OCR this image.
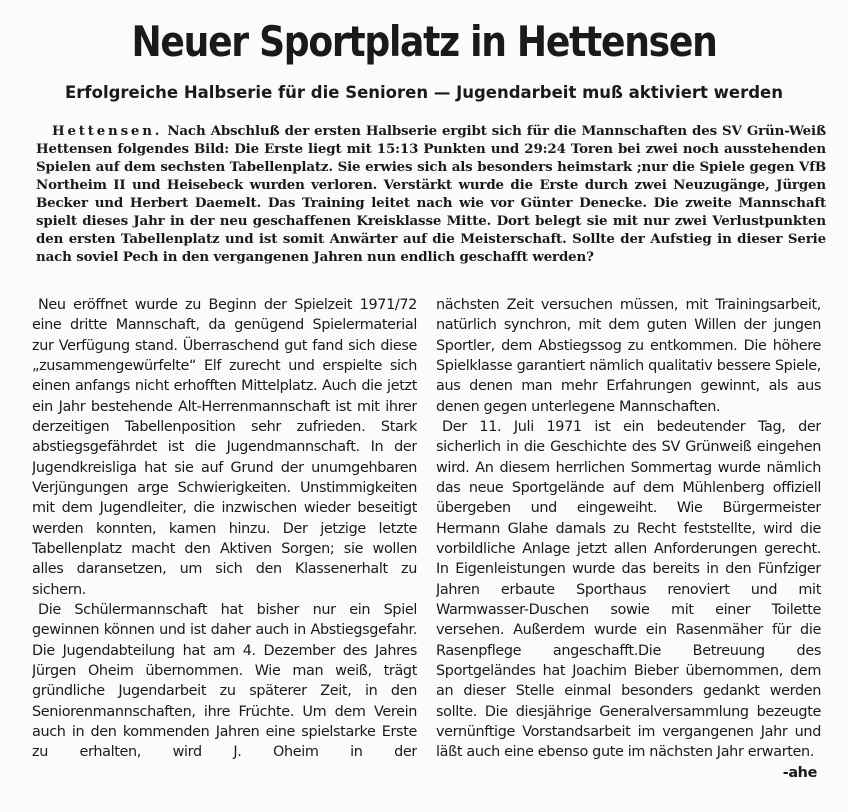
Neuer Sportplatz in Hettensen
Erfolgreiche Halbserie für die Senioren — Jugendarbeit muß aktiviert werden

Hettensen. Nach Abschluß der ersten Halbserie ergibt sich für die Mannschaften des SV Grün-Weiß Hettensen folgendes Bild: Die Erste liegt mit 15:13 Punkten und 29:24 Toren bei zwei noch ausstehenden Spielen auf dem sechsten Tabellenplatz. Sie erwies sich als besonders heimstark ;nur die Spiele gegen VfB Northeim II und Heisebeck wurden verloren. Verstärkt wurde die Erste durch zwei Neuzugänge, Jürgen Becker und Herbert Daemelt. Das Training leitet nach wie vor Günter Denecke. Die zweite Mannschaft spielt dieses Jahr in der neu geschaffenen Kreisklasse Mitte. Dort belegt sie mit nur zwei Verlustpunkten den ersten Tabellenplatz und ist somit Anwärter auf die Meisterschaft. Sollte der Aufstieg in dieser Serie nach soviel Pech in den vergangenen Jahren nun endlich geschafft werden?

Neu eröffnet wurde zu Beginn der Spielzeit 1971/72 eine dritte Mannschaft, da genügend Spielermaterial zur Verfügung stand. Überraschend gut fand sich diese „zusammengewürfelte“ Elf zurecht und erspielte sich einen anfangs nicht erhofften Mittelplatz. Auch die jetzt ein Jahr bestehende Alt-Herrenmannschaft ist mit ihrer derzeitigen Tabellenposition sehr zufrieden. Stark abstiegsgefährdet ist die Jugendmannschaft. In der Jugendkreisliga hat sie auf Grund der unumgehbaren Verjüngungen arge Schwierigkeiten. Unstimmigkeiten mit dem Jugendleiter, die inzwischen wieder beseitigt werden konnten, kamen hinzu. Der jetzige letzte Tabellenplatz macht den Aktiven Sorgen; sie wollen alles daransetzen, um sich den Klassenerhalt zu sichern.

Die Schülermannschaft hat bisher nur ein Spiel gewinnen können und ist daher auch in Abstiegsgefahr. Die Jugendabteilung hat am 4. Dezember des Jahres Jürgen Oheim übernommen. Wie man weiß, trägt gründliche Jugendarbeit zu späterer Zeit, in den Seniorenmannschaften, ihre Früchte. Um dem Verein auch in den kommenden Jahren eine spielstarke Erste zu erhalten, wird J. Oheim in der

nächsten Zeit versuchen müssen, mit Trainingsarbeit, natürlich synchron, mit dem guten Willen der jungen Sportler, dem Abstiegssog zu entkommen. Die höhere Spielklasse garantiert nämlich qualitativ bessere Spiele, aus denen man mehr Erfahrungen gewinnt, als aus denen gegen unterlegene Mannschaften.

Der 11. Juli 1971 ist ein bedeutender Tag, der sicherlich in die Geschichte des SV Grünweiß eingehen wird. An diesem herrlichen Sommertag wurde nämlich das neue Sportgelände auf dem Mühlenberg offiziell übergeben und eingeweiht. Wie Bürgermeister Hermann Glahe damals zu Recht feststellte, wird die vorbildliche Anlage jetzt allen Anforderungen gerecht. In Eigenleistungen wurde das bereits in den Fünfziger Jahren erbaute Sporthaus renoviert und mit Warmwasser-Duschen sowie mit einer Toilette versehen. Außerdem wurde ein Rasenmäher für die Rasenpflege angeschafft.Die Betreuung des Sportgeländes hat Joachim Bieber übernommen, dem an dieser Stelle einmal besonders gedankt werden sollte. Die diesjährige Generalversammlung bezeugte vernünftige Vorstandsarbeit im vergangenen Jahr und läßt auch eine ebenso gute im nächsten Jahr erwarten.
-ahe
